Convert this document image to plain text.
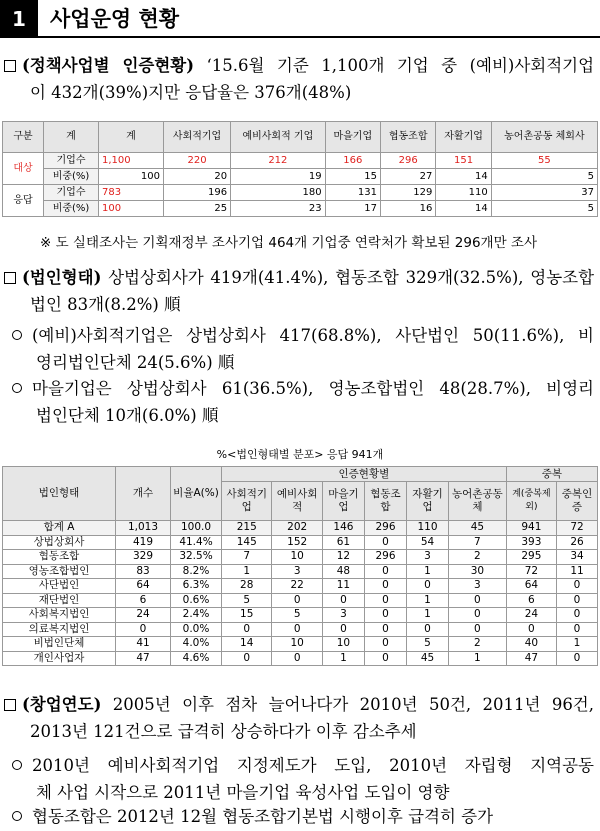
1	사업운영 현황
(정책사업별 인증현황) ‘15.6월 기준 1,100개 기업 중 (예비)사회적기업
이 432개(39%)지만 응답율은 376개(48%)
구분	계	계	사회적기업	예비사회적 기업	마을기업	협동조합	자활기업	농어촌공동 체회사
대상	기업수	1,100	220	212	166	296	151	55
	비중(%)	100	20	19	15	27	14	5
응답	기업수	783	196	180	131	129	110	37
	비중(%)	100	25	23	17	16	14	5
※ 도 실태조사는 기획재정부 조사기업 464개 기업중 연락처가 확보된 296개만 조사
(법인형태) 상법상회사가 419개(41.4%), 협동조합 329개(32.5%), 영농조합
법인 83개(8.2%) 順
(예비)사회적기업은 상법상회사 417(68.8%), 사단법인 50(11.6%), 비
영리법인단체 24(5.6%) 順
마을기업은 상법상회사 61(36.5%), 영농조합법인 48(28.7%), 비영리
법인단체 10개(6.0%) 順
%<법인형태별 분포> 응답 941개
법인형태	개수	비율A(%)	인증현황별						중복	
			사회적기업	예비사회적	마을기업	협동조합	자활기업	농어촌공동체	계(중복제외)	중복인증
합계 A	1,013	100.0	215	202	146	296	110	45	941	72
상법상회사	419	41.4%	145	152	61	0	54	7	393	26
협동조합	329	32.5%	7	10	12	296	3	2	295	34
영농조합법인	83	8.2%	1	3	48	0	1	30	72	11
사단법인	64	6.3%	28	22	11	0	0	3	64	0
재단법인	6	0.6%	5	0	0	0	1	0	6	0
사회복지법인	24	2.4%	15	5	3	0	1	0	24	0
의료복지법인	0	0.0%	0	0	0	0	0	0	0	0
비법인단체	41	4.0%	14	10	10	0	5	2	40	1
개인사업자	47	4.6%	0	0	1	0	45	1	47	0
(창업연도) 2005년 이후 점차 늘어나다가 2010년 50건, 2011년 96건,
2013년 121건으로 급격히 상승하다가 이후 감소추세
2010년 예비사회적기업 지정제도가 도입, 2010년 자립형 지역공동
체 사업 시작으로 2011년 마을기업 육성사업 도입이 영향
협동조합은 2012년 12월 협동조합기본법 시행이후 급격히 증가
